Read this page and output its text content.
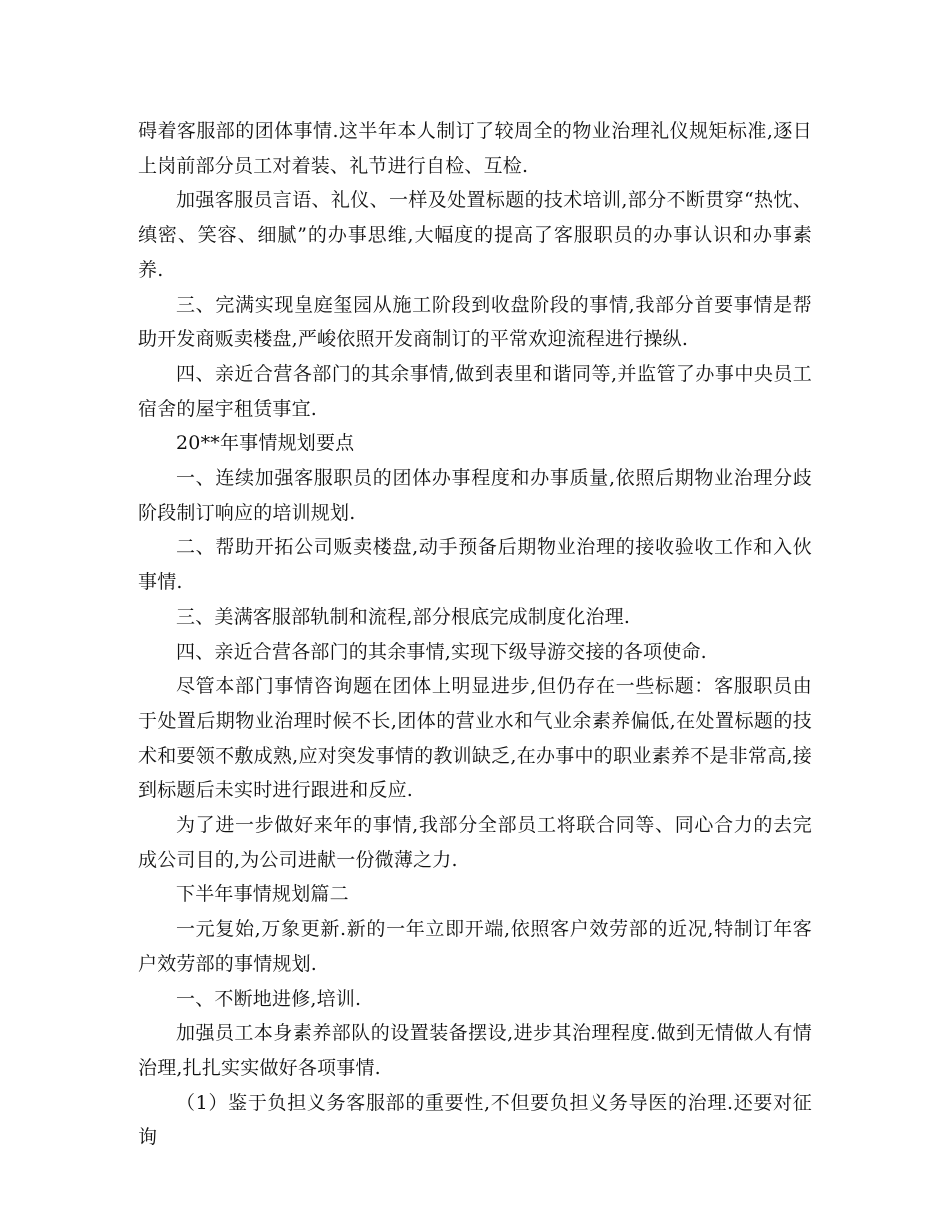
碍着客服部的团体事情.这半年本人制订了较周全的物业治理礼仪规矩标准,逐日上岗前部分员工对着装、礼节进行自检、互检.

加强客服员言语、礼仪、一样及处置标题的技术培训,部分不断贯穿“热忱、缜密、笑容、细腻”的办事思维,大幅度的提高了客服职员的办事认识和办事素养.

三、完满实现皇庭玺园从施工阶段到收盘阶段的事情,我部分首要事情是帮助开发商贩卖楼盘,严峻依照开发商制订的平常欢迎流程进行操纵.

四、亲近合营各部门的其余事情,做到表里和谐同等,并监管了办事中央员工宿舍的屋宇租赁事宜.

20**年事情规划要点

一、连续加强客服职员的团体办事程度和办事质量,依照后期物业治理分歧阶段制订响应的培训规划.

二、帮助开拓公司贩卖楼盘,动手预备后期物业治理的接收验收工作和入伙事情.

三、美满客服部轨制和流程,部分根底完成制度化治理.

四、亲近合营各部门的其余事情,实现下级导游交接的各项使命.

尽管本部门事情咨询题在团体上明显进步,但仍存在一些标题：客服职员由于处置后期物业治理时候不长,团体的营业水和气业余素养偏低,在处置标题的技术和要领不敷成熟,应对突发事情的教训缺乏,在办事中的职业素养不是非常高,接到标题后未实时进行跟进和反应.

为了进一步做好来年的事情,我部分全部员工将联合同等、同心合力的去完成公司目的,为公司进献一份微薄之力.

下半年事情规划篇二

一元复始,万象更新.新的一年立即开端,依照客户效劳部的近况,特制订年客户效劳部的事情规划.

一、不断地进修,培训.

加强员工本身素养部队的设置装备摆设,进步其治理程度.做到无情做人有情治理,扎扎实实做好各项事情.

（1）鉴于负担义务客服部的重要性,不但要负担义务导医的治理.还要对征询
